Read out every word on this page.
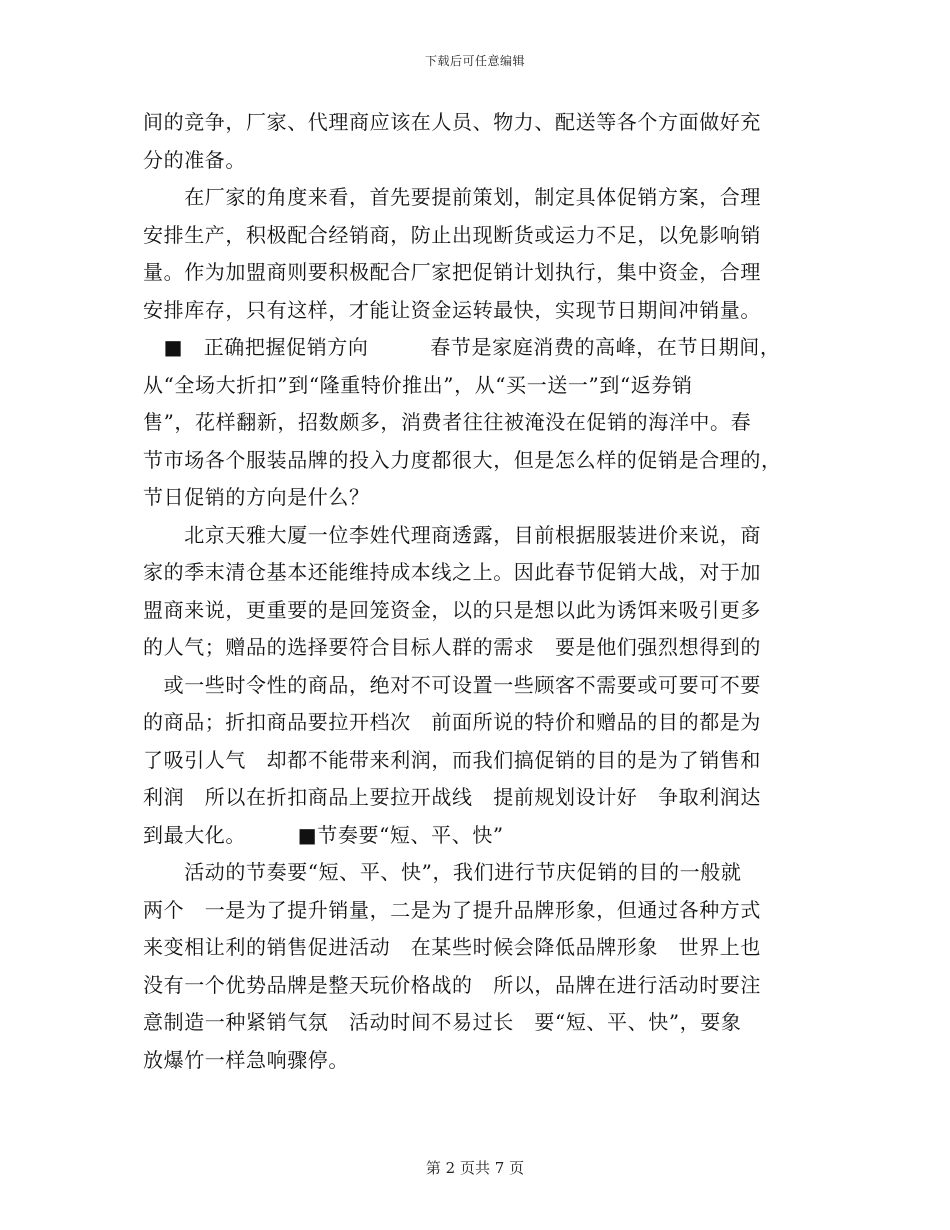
下载后可任意编辑
间的竞争，厂家、代理商应该在人员、物力、配送等各个方面做好充
分的准备。
　　在厂家的角度来看，首先要提前策划，制定具体促销方案，合理
安排生产，积极配合经销商，防止出现断货或运力不足，以免影响销
量。作为加盟商则要积极配合厂家把促销计划执行，集中资金，合理
安排库存，只有这样，才能让资金运转最快，实现节日期间冲销量。
　■　正确把握促销方向　　　春节是家庭消费的高峰，在节日期间，
从“全场大折扣”到“隆重特价推出”，从“买一送一”到“返券销
售”，花样翻新，招数颇多，消费者往往被淹没在促销的海洋中。春
节市场各个服装品牌的投入力度都很大，但是怎么样的促销是合理的，
节日促销的方向是什么？
　　北京天雅大厦一位李姓代理商透露，目前根据服装进价来说，商
家的季末清仓基本还能维持成本线之上。因此春节促销大战，对于加
盟商来说，更重要的是回笼资金，以的只是想以此为诱饵来吸引更多
的人气；赠品的选择要符合目标人群的需求　要是他们强烈想得到的
　或一些时令性的商品，绝对不可设置一些顾客不需要或可要可不要
的商品；折扣商品要拉开档次　前面所说的特价和赠品的目的都是为
了吸引人气　却都不能带来利润，而我们搞促销的目的是为了销售和
利润　所以在折扣商品上要拉开战线　提前规划设计好　争取利润达
到最大化。　　　■节奏要“短、平、快”
　　活动的节奏要“短、平、快”，我们进行节庆促销的目的一般就
两个　一是为了提升销量，二是为了提升品牌形象，但通过各种方式
来变相让利的销售促进活动　在某些时候会降低品牌形象　世界上也
没有一个优势品牌是整天玩价格战的　所以，品牌在进行活动时要注
意制造一种紧销气氛　活动时间不易过长　要“短、平、快”，要象
放爆竹一样急响骤停。
第 2 页共 7 页
